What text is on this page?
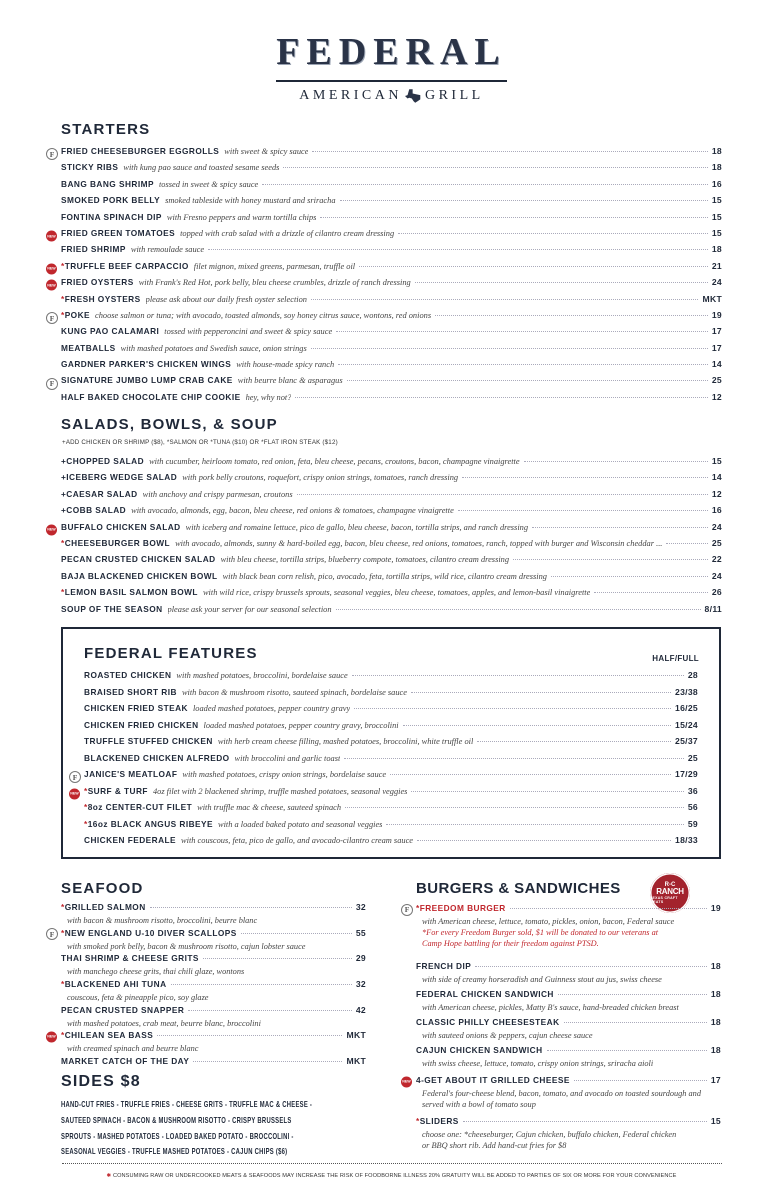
FEDERAL
AMERICAN GRILL
STARTERS
F FRIED CHEESEBURGER EGGROLLS with sweet & spicy sauce	18
STICKY RIBS with kung pao sauce and toasted sesame seeds	18
BANG BANG SHRIMP tossed in sweet & spicy sauce	16
SMOKED PORK BELLY smoked tableside with honey mustard and sriracha	15
FONTINA SPINACH DIP with Fresno peppers and warm tortilla chips	15
NEW FRIED GREEN TOMATOES topped with crab salad with a drizzle of cilantro cream dressing	15
FRIED SHRIMP with remoulade sauce	18
NEW	* TRUFFLE BEEF CARPACCIO filet mignon, mixed greens, parmesan, truffle oil	21
NEW FRIED OYSTERS with Frank's Red Hot, pork belly, bleu cheese crumbles, drizzle of ranch dressing	24
* FRESH OYSTERS please ask about our daily fresh oyster selection	MKT
F	* POKE choose salmon or tuna; with avocado, toasted almonds, soy honey citrus sauce, wontons, red onions	19
KUNG PAO CALAMARI tossed with pepperoncini and sweet & spicy sauce	17
MEATBALLS with mashed potatoes and Swedish sauce, onion strings	17
GARDNER PARKER'S CHICKEN WINGS with house-made spicy ranch	14
F SIGNATURE JUMBO LUMP CRAB CAKE with beurre blanc & asparagus	25
HALF BAKED CHOCOLATE CHIP COOKIE hey, why not?	12
SALADS, BOWLS, & SOUP
+ADD CHICKEN OR SHRIMP ($8), *SALMON OR *TUNA ($10) OR *FLAT IRON STEAK ($12)
+CHOPPED SALAD with cucumber, heirloom tomato, red onion, feta, bleu cheese, pecans, croutons, bacon, champagne vinaigrette	15
+ICEBERG WEDGE SALAD with pork belly croutons, roquefort, crispy onion strings, tomatoes, ranch dressing	14
+CAESAR SALAD with anchovy and crispy parmesan, croutons	12
+COBB SALAD with avocado, almonds, egg, bacon, bleu cheese, red onions & tomatoes, champagne vinaigrette	16
NEW BUFFALO CHICKEN SALAD with iceberg and romaine lettuce, pico de gallo, bleu cheese, bacon, tortilla strips, and ranch dressing	24
* CHEESEBURGER BOWL with avocado, almonds, sunny & hard-boiled egg, bacon, bleu cheese, red onions, tomatoes, ranch, topped with burger and Wisconsin cheddar ...	25
PECAN CRUSTED CHICKEN SALAD with bleu cheese, tortilla strips, blueberry compote, tomatoes, cilantro cream dressing	22
BAJA BLACKENED CHICKEN BOWL with black bean corn relish, pico, avocado, feta, tortilla strips, wild rice, cilantro cream dressing	24
* LEMON BASIL SALMON BOWL with wild rice, crispy brussels sprouts, seasonal veggies, bleu cheese, tomatoes, apples, and lemon-basil vinaigrette	26
SOUP OF THE SEASON please ask your server for our seasonal selection	8/11
FEDERAL FEATURES	HALF/FULL
ROASTED CHICKEN with mashed potatoes, broccolini, bordelaise sauce	28
BRAISED SHORT RIB with bacon & mushroom risotto, sauteed spinach, bordelaise sauce	23/38
CHICKEN FRIED STEAK loaded mashed potatoes, pepper country gravy	16/25
CHICKEN FRIED CHICKEN loaded mashed potatoes, pepper country gravy, broccolini	15/24
TRUFFLE STUFFED CHICKEN with herb cream cheese filling, mashed potatoes, broccolini, white truffle oil	25/37
BLACKENED CHICKEN ALFREDO with broccolini and garlic toast	25
F JANICE'S MEATLOAF with mashed potatoes, crispy onion strings, bordelaise sauce	17/29
NEW	* SURF & TURF 4oz filet with 2 blackened shrimp, truffle mashed potatoes, seasonal veggies	36
* 8oz CENTER-CUT FILET with truffle mac & cheese, sauteed spinach	56
* 16oz BLACK ANGUS RIBEYE with a loaded baked potato and seasonal veggies	59
CHICKEN FEDERALE with couscous, feta, pico de gallo, and avocado-cilantro cream sauce	18/33
SEAFOOD
* GRILLED SALMON	32
with bacon & mushroom risotto, broccolini, beurre blanc
F	* NEW ENGLAND U-10 DIVER SCALLOPS	55
with smoked pork belly, bacon & mushroom risotto, cajun lobster sauce
THAI SHRIMP & CHEESE GRITS	29
with manchego cheese grits, thai chili glaze, wontons
* BLACKENED AHI TUNA	32
couscous, feta & pineapple pico, soy glaze
PECAN CRUSTED SNAPPER	42
with mashed potatoes, crab meat, beurre blanc, broccolini
NEW	* CHILEAN SEA BASS	MKT
with creamed spinach and beurre blanc
MARKET CATCH OF THE DAY	MKT
SIDES $8
HAND-CUT FRIES - TRUFFLE FRIES - CHEESE GRITS - TRUFFLE MAC & CHEESE -
SAUTEED SPINACH - BACON & MUSHROOM RISOTTO - CRISPY BRUSSELS
SPROUTS - MASHED POTATOES - LOADED BAKED POTATO - BROCCOLINI -
SEASONAL VEGGIES - TRUFFLE MASHED POTATOES - CAJUN CHIPS ($6)
BURGERS & SANDWICHES	R-C
RANCH
TEXAS CRAFT MEATS
F	* FREEDOM BURGER	19
with American cheese, lettuce, tomato, pickles, onion, bacon, Federal sauce
*For every Freedom Burger sold, $1 will be donated to our veterans at
Camp Hope battling for their freedom against PTSD.
FRENCH DIP	18
with side of creamy horseradish and Guinness stout au jus, swiss cheese
FEDERAL CHICKEN SANDWICH	18
with American cheese, pickles, Matty B's sauce, hand-breaded chicken breast
CLASSIC PHILLY CHEESESTEAK	18
with sauteed onions & peppers, cajun cheese sauce
CAJUN CHICKEN SANDWICH	18
with swiss cheese, lettuce, tomato, crispy onion strings, sriracha aioli
NEW 4-GET ABOUT IT GRILLED CHEESE	17
Federal's four-cheese blend, bacon, tomato, and avocado on toasted sourdough and
served with a bowl of tomato soup
* SLIDERS	15
choose one: *cheeseburger, Cajun chicken, buffalo chicken, Federal chicken
or BBQ short rib. Add hand-cut fries for $8
✱ CONSUMING RAW OR UNDERCOOKED MEATS & SEAFOODS MAY INCREASE THE RISK OF FOODBORNE ILLNESS 20% GRATUITY WILL BE ADDED TO PARTIES OF SIX OR MORE FOR YOUR CONVENIENCE
